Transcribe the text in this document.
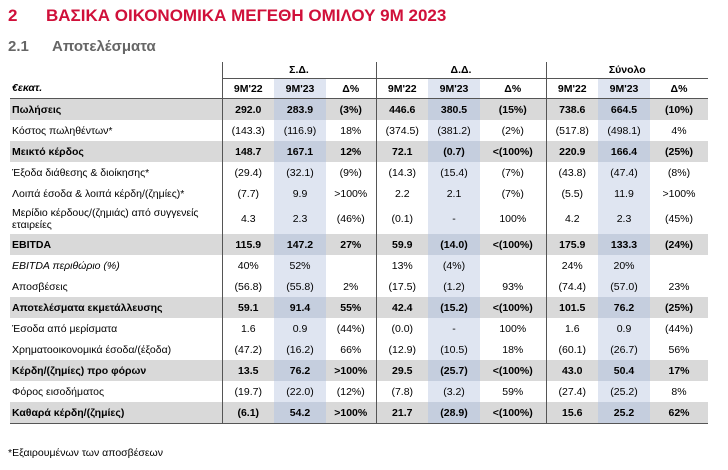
2 ΒΑΣΙΚΑ ΟΙΚΟΝΟΜΙΚΑ ΜΕΓΕΘΗ ΟΜΙΛΟΥ 9Μ 2023
2.1 Αποτελέσματα
	Σ.Δ.			Δ.Δ.			Σύνολο		
€εκατ.	9M'22	9M'23	Δ%	9M'22	9M'23	Δ%	9M'22	9M'23	Δ%
Πωλήσεις	292.0	283.9	(3%)	446.6	380.5	(15%)	738.6	664.5	(10%)
Κόστος πωληθέντων*	(143.3)	(116.9)	18%	(374.5)	(381.2)	(2%)	(517.8)	(498.1)	4%
Μεικτό κέρδος	148.7	167.1	12%	72.1	(0.7)	<(100%)	220.9	166.4	(25%)
Έξοδα διάθεσης & διοίκησης*	(29.4)	(32.1)	(9%)	(14.3)	(15.4)	(7%)	(43.8)	(47.4)	(8%)
Λοιπά έσοδα & λοιπά κέρδη/(ζημίες)*	(7.7)	9.9	>100%	2.2	2.1	(7%)	(5.5)	11.9	>100%
Μερίδιο κέρδους/(ζημιάς) από συγγενείς εταιρείες	4.3	2.3	(46%)	(0.1)	-	100%	4.2	2.3	(45%)
EBITDA	115.9	147.2	27%	59.9	(14.0)	<(100%)	175.9	133.3	(24%)
EBITDA περιθώριο (%)	40%	52%		13%	(4%)		24%	20%	
Αποσβέσεις	(56.8)	(55.8)	2%	(17.5)	(1.2)	93%	(74.4)	(57.0)	23%
Αποτελέσματα εκμετάλλευσης	59.1	91.4	55%	42.4	(15.2)	<(100%)	101.5	76.2	(25%)
Έσοδα από μερίσματα	1.6	0.9	(44%)	(0.0)	-	100%	1.6	0.9	(44%)
Χρηματοοικονομικά έσοδα/(έξοδα)	(47.2)	(16.2)	66%	(12.9)	(10.5)	18%	(60.1)	(26.7)	56%
Κέρδη/(ζημίες) προ φόρων	13.5	76.2	>100%	29.5	(25.7)	<(100%)	43.0	50.4	17%
Φόρος εισοδήματος	(19.7)	(22.0)	(12%)	(7.8)	(3.2)	59%	(27.4)	(25.2)	8%
Καθαρά κέρδη/(ζημίες)	(6.1)	54.2	>100%	21.7	(28.9)	<(100%)	15.6	25.2	62%
*Εξαιρουμένων των αποσβέσεων
